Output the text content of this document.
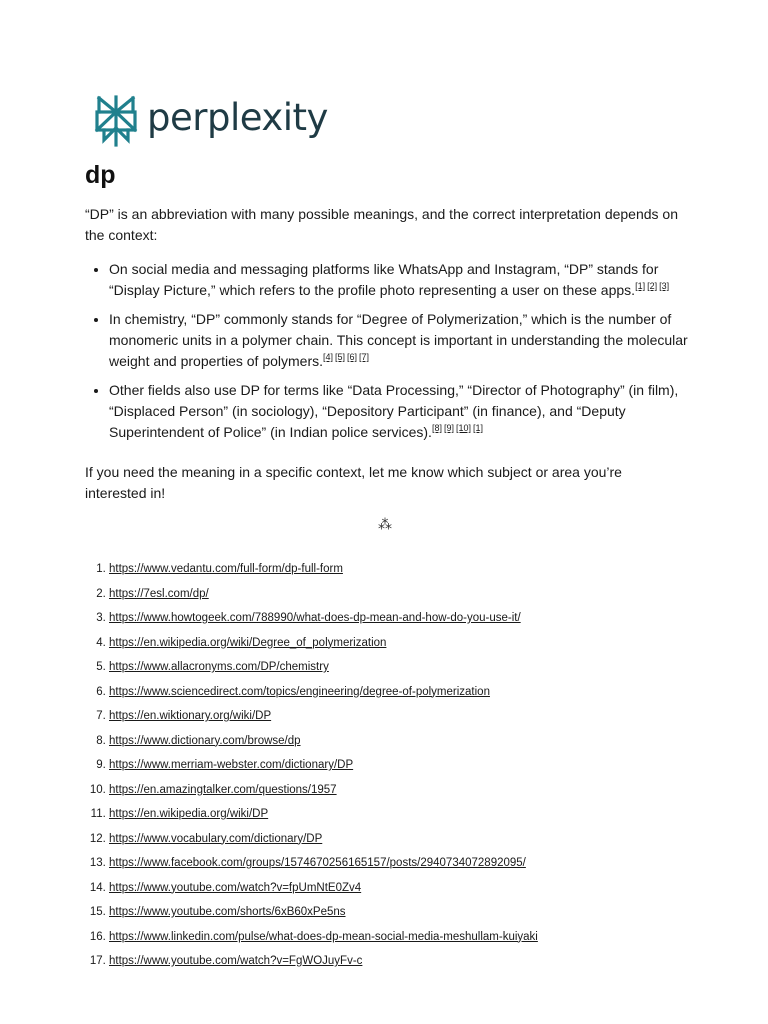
perplexity
dp

“DP” is an abbreviation with many possible meanings, and the correct interpretation depends on the context:

• On social media and messaging platforms like WhatsApp and Instagram, “DP” stands for “Display Picture,” which refers to the profile photo representing a user on these apps.[1] [2] [3]
• In chemistry, “DP” commonly stands for “Degree of Polymerization,” which is the number of monomeric units in a polymer chain. This concept is important in understanding the molecular weight and properties of polymers.[4] [5] [6] [7]
• Other fields also use DP for terms like “Data Processing,” “Director of Photography” (in film), “Displaced Person” (in sociology), “Depository Participant” (in finance), and “Deputy Superintendent of Police” (in Indian police services).[8] [9] [10] [1]

If you need the meaning in a specific context, let me know which subject or area you’re interested in!

⁂
1. https://www.vedantu.com/full-form/dp-full-form
2. https://7esl.com/dp/
3. https://www.howtogeek.com/788990/what-does-dp-mean-and-how-do-you-use-it/
4. https://en.wikipedia.org/wiki/Degree_of_polymerization
5. https://www.allacronyms.com/DP/chemistry
6. https://www.sciencedirect.com/topics/engineering/degree-of-polymerization
7. https://en.wiktionary.org/wiki/DP
8. https://www.dictionary.com/browse/dp
9. https://www.merriam-webster.com/dictionary/DP
10. https://en.amazingtalker.com/questions/1957
11. https://en.wikipedia.org/wiki/DP
12. https://www.vocabulary.com/dictionary/DP
13. https://www.facebook.com/groups/1574670256165157/posts/2940734072892095/
14. https://www.youtube.com/watch?v=fpUmNtE0Zv4
15. https://www.youtube.com/shorts/6xB60xPe5ns
16. https://www.linkedin.com/pulse/what-does-dp-mean-social-media-meshullam-kuiyaki
17. https://www.youtube.com/watch?v=FgWOJuyFv-c
